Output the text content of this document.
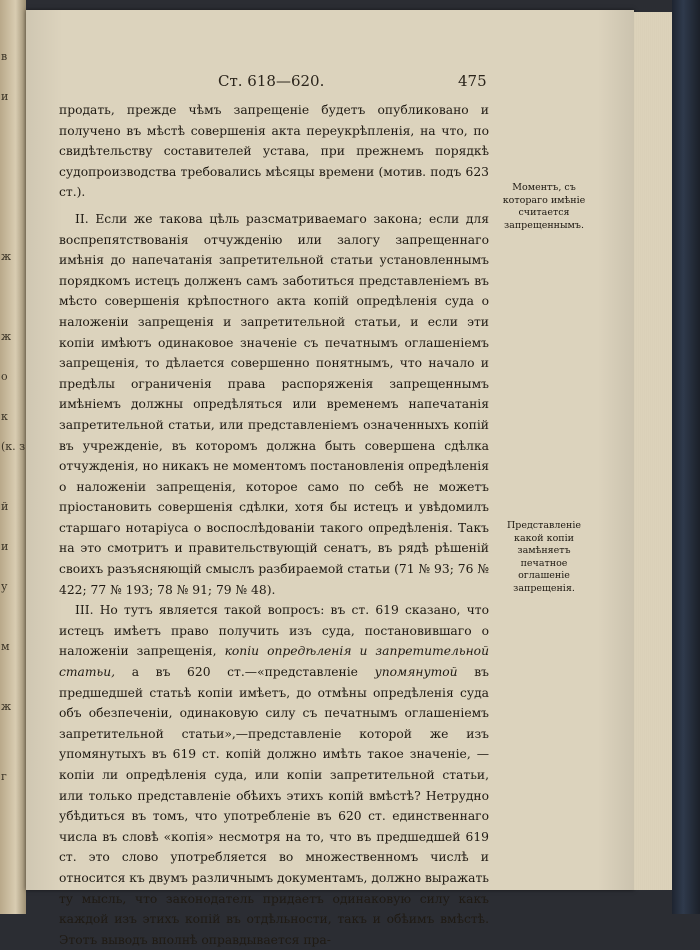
в
и
ж
ж
о
к
(к. з
й
и
у
м
ж
г
Ст. 618—620.	475

продать, прежде чѣмъ запрещеніе будетъ опубликовано и получено въ мѣстѣ совершенія акта переукрѣпленія, на что, по свидѣтельству составителей устава, при прежнемъ порядкѣ судопроизводства требовались мѣсяцы времени (мотив. подъ 623 ст.).

II. Если же такова цѣль разсматриваемаго закона; если для воспрепятствованія отчужденію или залогу запрещеннаго имѣнія до напечатанія запретительной статьи установленнымъ порядкомъ истецъ долженъ самъ заботиться представленіемъ въ мѣсто совершенія крѣпостного акта копій опредѣленія суда о наложеніи запрещенія и запретительной статьи, и если эти копіи имѣютъ одинаковое значеніе съ печатнымъ оглашеніемъ запрещенія, то дѣлается совершенно понятнымъ, что начало и предѣлы ограниченія права распоряженія запрещеннымъ имѣніемъ должны опредѣляться или временемъ напечатанія запретительной статьи, или представленіемъ означенныхъ копій въ учрежденіе, въ которомъ должна быть совершена сдѣлка отчужденія, но никакъ не моментомъ постановленія опредѣленія о наложеніи запрещенія, которое само по себѣ не можетъ пріостановить совершенія сдѣлки, хотя бы истецъ и увѣдомилъ старшаго нотаріуса о воспослѣдованіи такого опредѣленія. Такъ на это смотритъ и правительствующій сенатъ, въ рядѣ рѣшеній своихъ разъясняющій смыслъ разбираемой статьи (71 № 93; 76 № 422; 77 № 193; 78 № 91; 79 № 48).

III. Но тутъ является такой вопросъ: въ ст. 619 сказано, что истецъ имѣетъ право получить изъ суда, постановившаго о наложеніи запрещенія, копіи опредѣленія и запретительной статьи, а въ 620 ст.—«представленіе упомянутой въ предшедшей статьѣ копіи имѣетъ, до отмѣны опредѣленія суда объ обезпеченіи, одинаковую силу съ печатнымъ оглашеніемъ запретительной статьи»,—представленіе которой же изъ упомянутыхъ въ 619 ст. копій должно имѣть такое значеніе, — копіи ли опредѣленія суда, или копіи запретительной статьи, или только представленіе обѣихъ этихъ копій вмѣстѣ? Нетрудно убѣдиться въ томъ, что употребленіе въ 620 ст. единственнаго числа въ словѣ «копія» несмотря на то, что въ предшедшей 619 ст. это слово употребляется во множественномъ числѣ и относится къ двумъ различнымъ документамъ, должно выражать ту мысль, что законодатель придаетъ одинаковую силу какъ каждой изъ этихъ копій въ отдѣльности, такъ и обѣимъ вмѣстѣ. Этотъ выводъ вполнѣ оправдывается пра-

Моментъ, съ котораго имѣніе считается запрещеннымъ.
Представленіе какой копіи замѣняетъ печатное оглашеніе запрещенія.
